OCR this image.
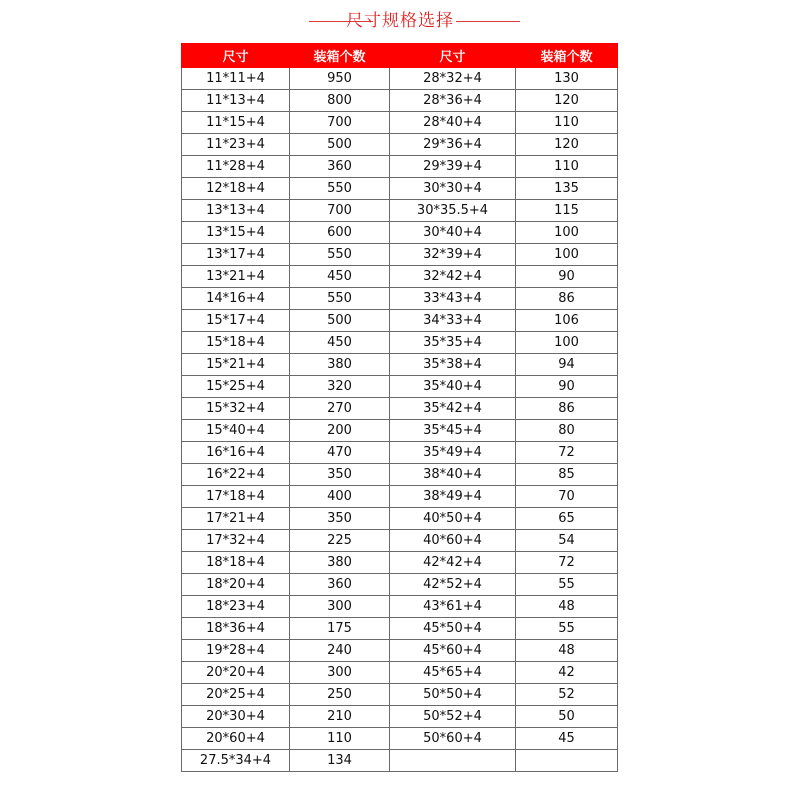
尺寸规格选择
尺寸	装箱个数	尺寸	装箱个数
11*11+4	950	28*32+4	130
11*13+4	800	28*36+4	120
11*15+4	700	28*40+4	110
11*23+4	500	29*36+4	120
11*28+4	360	29*39+4	110
12*18+4	550	30*30+4	135
13*13+4	700	30*35.5+4	115
13*15+4	600	30*40+4	100
13*17+4	550	32*39+4	100
13*21+4	450	32*42+4	90
14*16+4	550	33*43+4	86
15*17+4	500	34*33+4	106
15*18+4	450	35*35+4	100
15*21+4	380	35*38+4	94
15*25+4	320	35*40+4	90
15*32+4	270	35*42+4	86
15*40+4	200	35*45+4	80
16*16+4	470	35*49+4	72
16*22+4	350	38*40+4	85
17*18+4	400	38*49+4	70
17*21+4	350	40*50+4	65
17*32+4	225	40*60+4	54
18*18+4	380	42*42+4	72
18*20+4	360	42*52+4	55
18*23+4	300	43*61+4	48
18*36+4	175	45*50+4	55
19*28+4	240	45*60+4	48
20*20+4	300	45*65+4	42
20*25+4	250	50*50+4	52
20*30+4	210	50*52+4	50
20*60+4	110	50*60+4	45
27.5*34+4	134		
